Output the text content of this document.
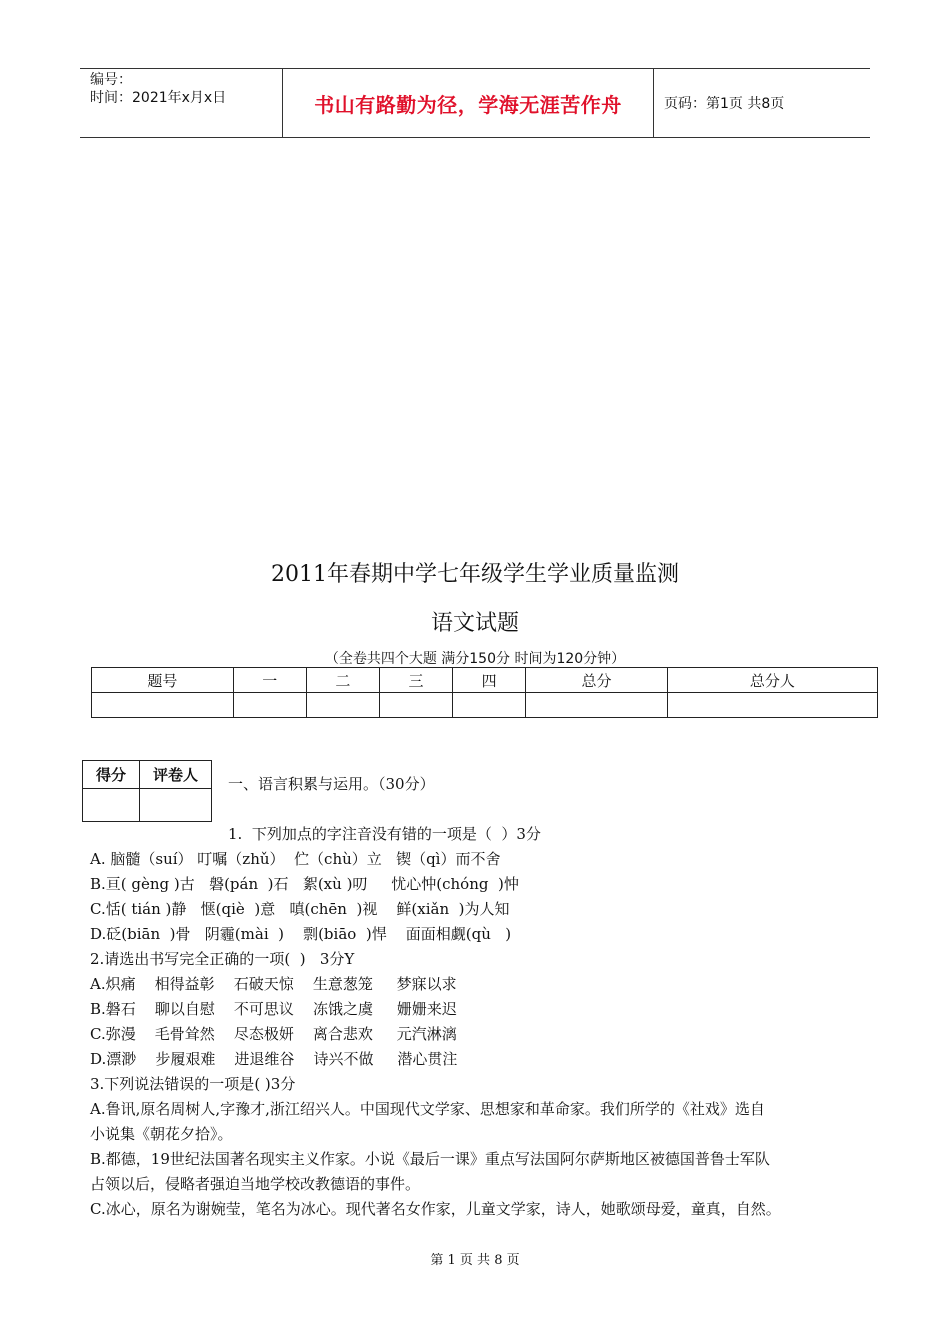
编号：
时间：2021年x月x日	书山有路勤为径，学海无涯苦作舟	页码：第1页 共8页
2011年春期中学七年级学生学业质量监测
语文试题
（全卷共四个大题 满分150分 时间为120分钟）
题号	一	二	三	四	总分	总分人

得分	评卷人
	一、语言积累与运用。（30分）
1.  下列加点的字注音没有错的一项是（  ）3分
A. 脑髓（suí） 叮嘱（zhǔ）  伫（chù）立   锲（qì）而不舍
B.亘( gèng )古   磐(pán  )石   絮(xù )叨     忧心忡(chóng  )忡
C.恬( tián )静   惬(qiè  )意   嗔(chēn  )视    鲜(xiǎn  )为人知
D.砭(biān  )骨   阴霾(mài  )    剽(biāo  )悍    面面相觑(qù   )
2.请选出书写完全正确的一项(  )   3分Y
A.炽痛    相得益彰    石破天惊    生意葱笼     梦寐以求
B.磐石    聊以自慰    不可思议    冻饿之虞     姗姗来迟
C.弥漫    毛骨耸然    尽态极妍    离合悲欢     元汽淋漓
D.漂渺    步履艰难    进退维谷    诗兴不做     潜心贯注
3.下列说法错误的一项是( )3分
A.鲁讯,原名周树人,字豫才,浙江绍兴人。中国现代文学家、思想家和革命家。我们所学的《社戏》选自
小说集《朝花夕拾》。
B.都德，19世纪法国著名现实主义作家。小说《最后一课》重点写法国阿尔萨斯地区被德国普鲁士军队
占领以后，侵略者强迫当地学校改教德语的事件。
C.冰心，原名为谢婉莹，笔名为冰心。现代著名女作家，儿童文学家，诗人，她歌颂母爱，童真，自然。
第 1 页 共 8 页
